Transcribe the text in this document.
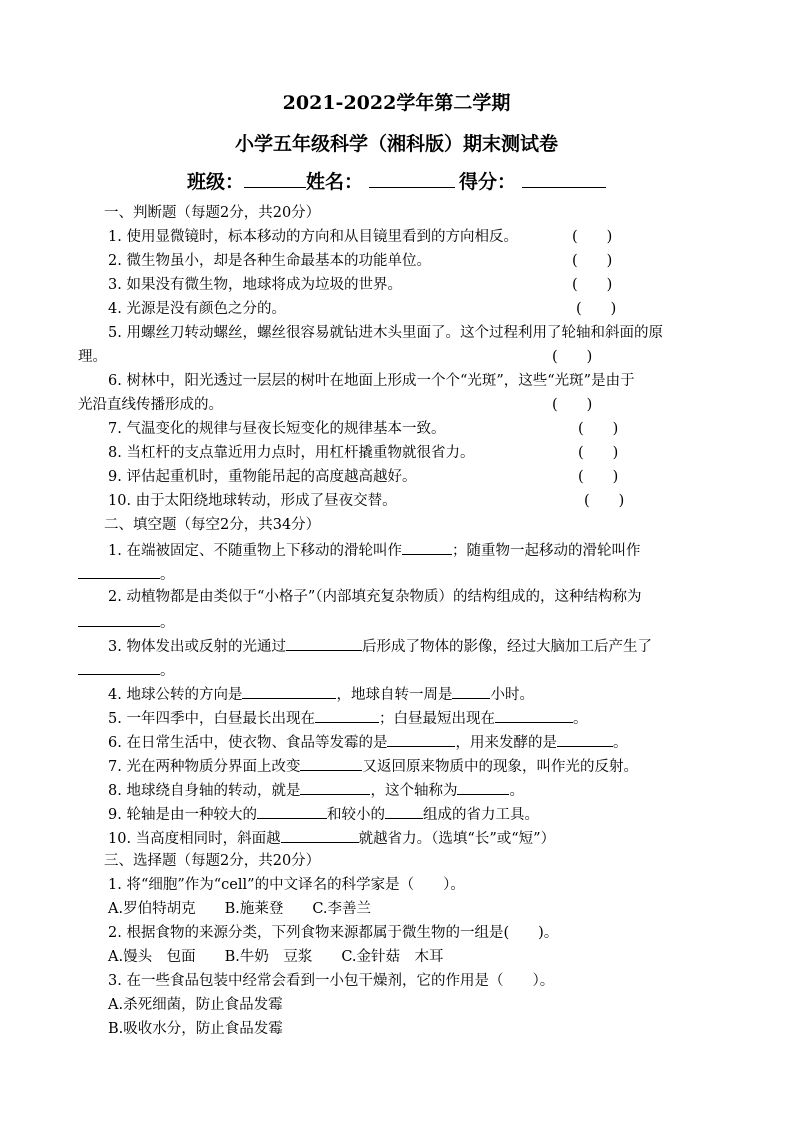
2021-2022学年第二学期
小学五年级科学（湘科版）期末测试卷
班级：	姓名：	得分：
一、判断题（每题2分，共20分）
1. 使用显微镜时，标本移动的方向和从目镜里看到的方向相反。	(　　)
2. 微生物虽小，却是各种生命最基本的功能单位。	(　　)
3. 如果没有微生物，地球将成为垃圾的世界。	(　　)
4. 光源是没有颜色之分的。	(　　)
5. 用螺丝刀转动螺丝，螺丝很容易就钻进木头里面了。这个过程利用了轮轴和斜面的原
理。	(　　)
6. 树林中，阳光透过一层层的树叶在地面上形成一个个“光斑”，这些“光斑”是由于
光沿直线传播形成的。	(　　)
7. 气温变化的规律与昼夜长短变化的规律基本一致。	(　　)
8. 当杠杆的支点靠近用力点时，用杠杆撬重物就很省力。	(　　)
9. 评估起重机时，重物能吊起的高度越高越好。	(　　)
10. 由于太阳绕地球转动，形成了昼夜交替。	(　　)
二、填空题（每空2分，共34分）
1. 在端被固定、不随重物上下移动的滑轮叫作	；随重物一起移动的滑轮叫作
。
2. 动植物都是由类似于“小格子”（内部填充复杂物质）的结构组成的，这种结构称为
。
3. 物体发出或反射的光通过	后形成了物体的影像，经过大脑加工后产生了
。
4. 地球公转的方向是	，地球自转一周是	小时。
5. 一年四季中，白昼最长出现在	；白昼最短出现在	。
6. 在日常生活中，使衣物、食品等发霉的是	，用来发酵的是	。
7. 光在两种物质分界面上改变	又返回原来物质中的现象，叫作光的反射。
8. 地球绕自身轴的转动，就是	，这个轴称为	。
9. 轮轴是由一种较大的	和较小的	组成的省力工具。
10. 当高度相同时，斜面越	就越省力。（选填“长”或“短”）
三、选择题（每题2分，共20分）
1. 将“细胞”作为“cell”的中文译名的科学家是（　　）。
A.罗伯特胡克　　B.施莱登　　C.李善兰
2. 根据食物的来源分类，下列食物来源都属于微生物的一组是(　　)。
A.馒头　包面　　B.牛奶　豆浆　　C.金针菇　木耳
3. 在一些食品包装中经常会看到一小包干燥剂，它的作用是（　　）。
A.杀死细菌，防止食品发霉
B.吸收水分，防止食品发霉
